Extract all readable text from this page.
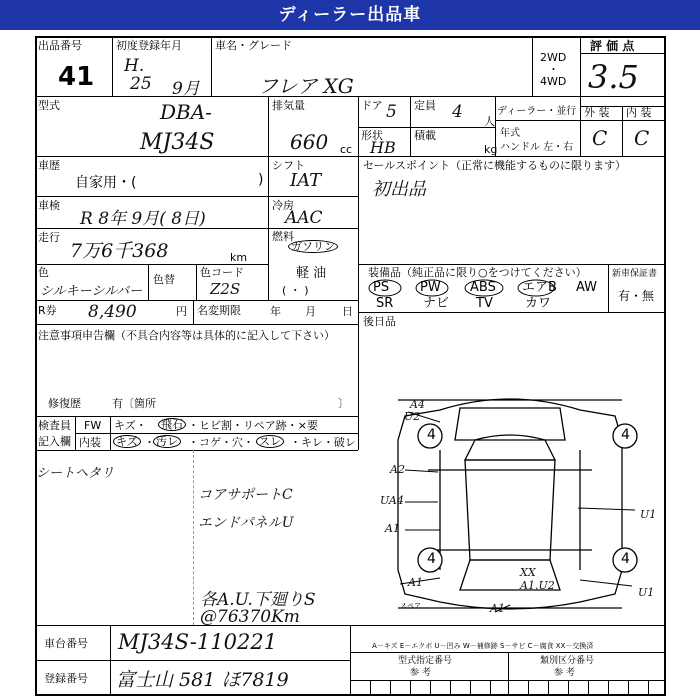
ディーラー出品車
出品番号
41
初度登録年月
H.
25 9月
車名・グレード
フレア XG
2WD
・
4WD
評 価 点
3.5
型式	DBA-
MJ34S
排気量
660 cc
ドア 5 定員 4 人
形状
HB
積載
kg
ディーラー・並行
年式
ハンドル 左・右
外 装 内 装
C C
車歴
自家用・(	)
シフト
IAT
車検
R 8年 9月( 8日)
冷房
AAC
走行
7万6千368	km
燃料
ガソリン
軽 油
( ・ )
色
シルキーシルバー
色替
色コード
Z2S
セールスポイント（正常に機能するものに限ります）
初出品
装備品（純正品に限り○をつけてください）
PS PW ABS エアB AW
SR ナビ TV カワ
新車保証書
有・無
後日品
R券 8,490	円 名変期限	年 月 日
注意事項申告欄（不具合内容等は具体的に記入して下さい）
修復歴	有〔箇所	〕
検査員
記入欄
FW キズ・ 飛石 ・ヒビ割・リペア跡・×要
内装 キズ ・ 汚レ ・コゲ・穴・ スレ ・キレ・破レ
シートヘタリ
コアサポートC
エンドパネルU
各A.U.下廻りS
@76370Km
4	4
4	4
A4
U2
A2
UA4
A1
A1
A1
U1
U1
XX
A1.U2
スペア
A－キズ E－エクボ U－凹み W－補修跡 S－サビ C－腐食 XX－交換済
車台番号 MJ34S-110221
登録番号 富士山 581 ほ7819
型式指定番号
参 考
類別区分番号
参 考
